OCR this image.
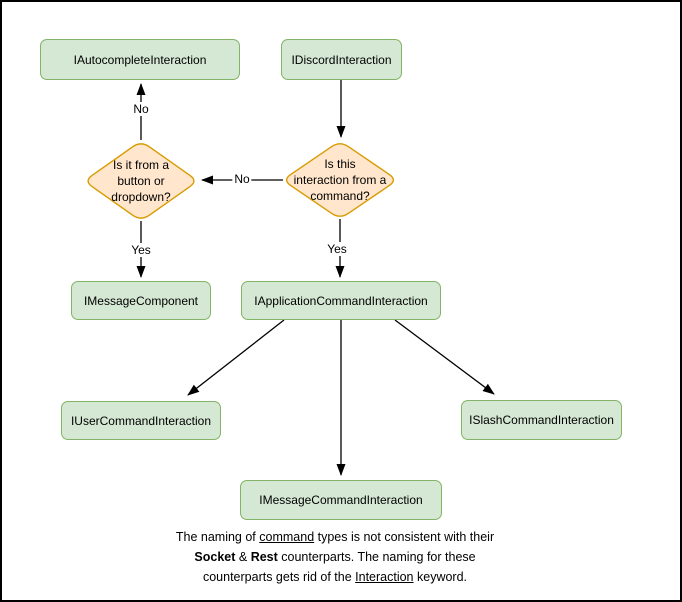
IAutocompleteInteraction	IDiscordInteraction
IMessageComponent	IApplicationCommandInteraction
IUserCommandInteraction	ISlashCommandInteraction
IMessageCommandInteraction
Is it from a
button or
dropdown?
Is this
interaction from a
command?
No
No
Yes	Yes
The naming of command types is not consistent with their
Socket & Rest counterparts. The naming for these
counterparts gets rid of the Interaction keyword.
